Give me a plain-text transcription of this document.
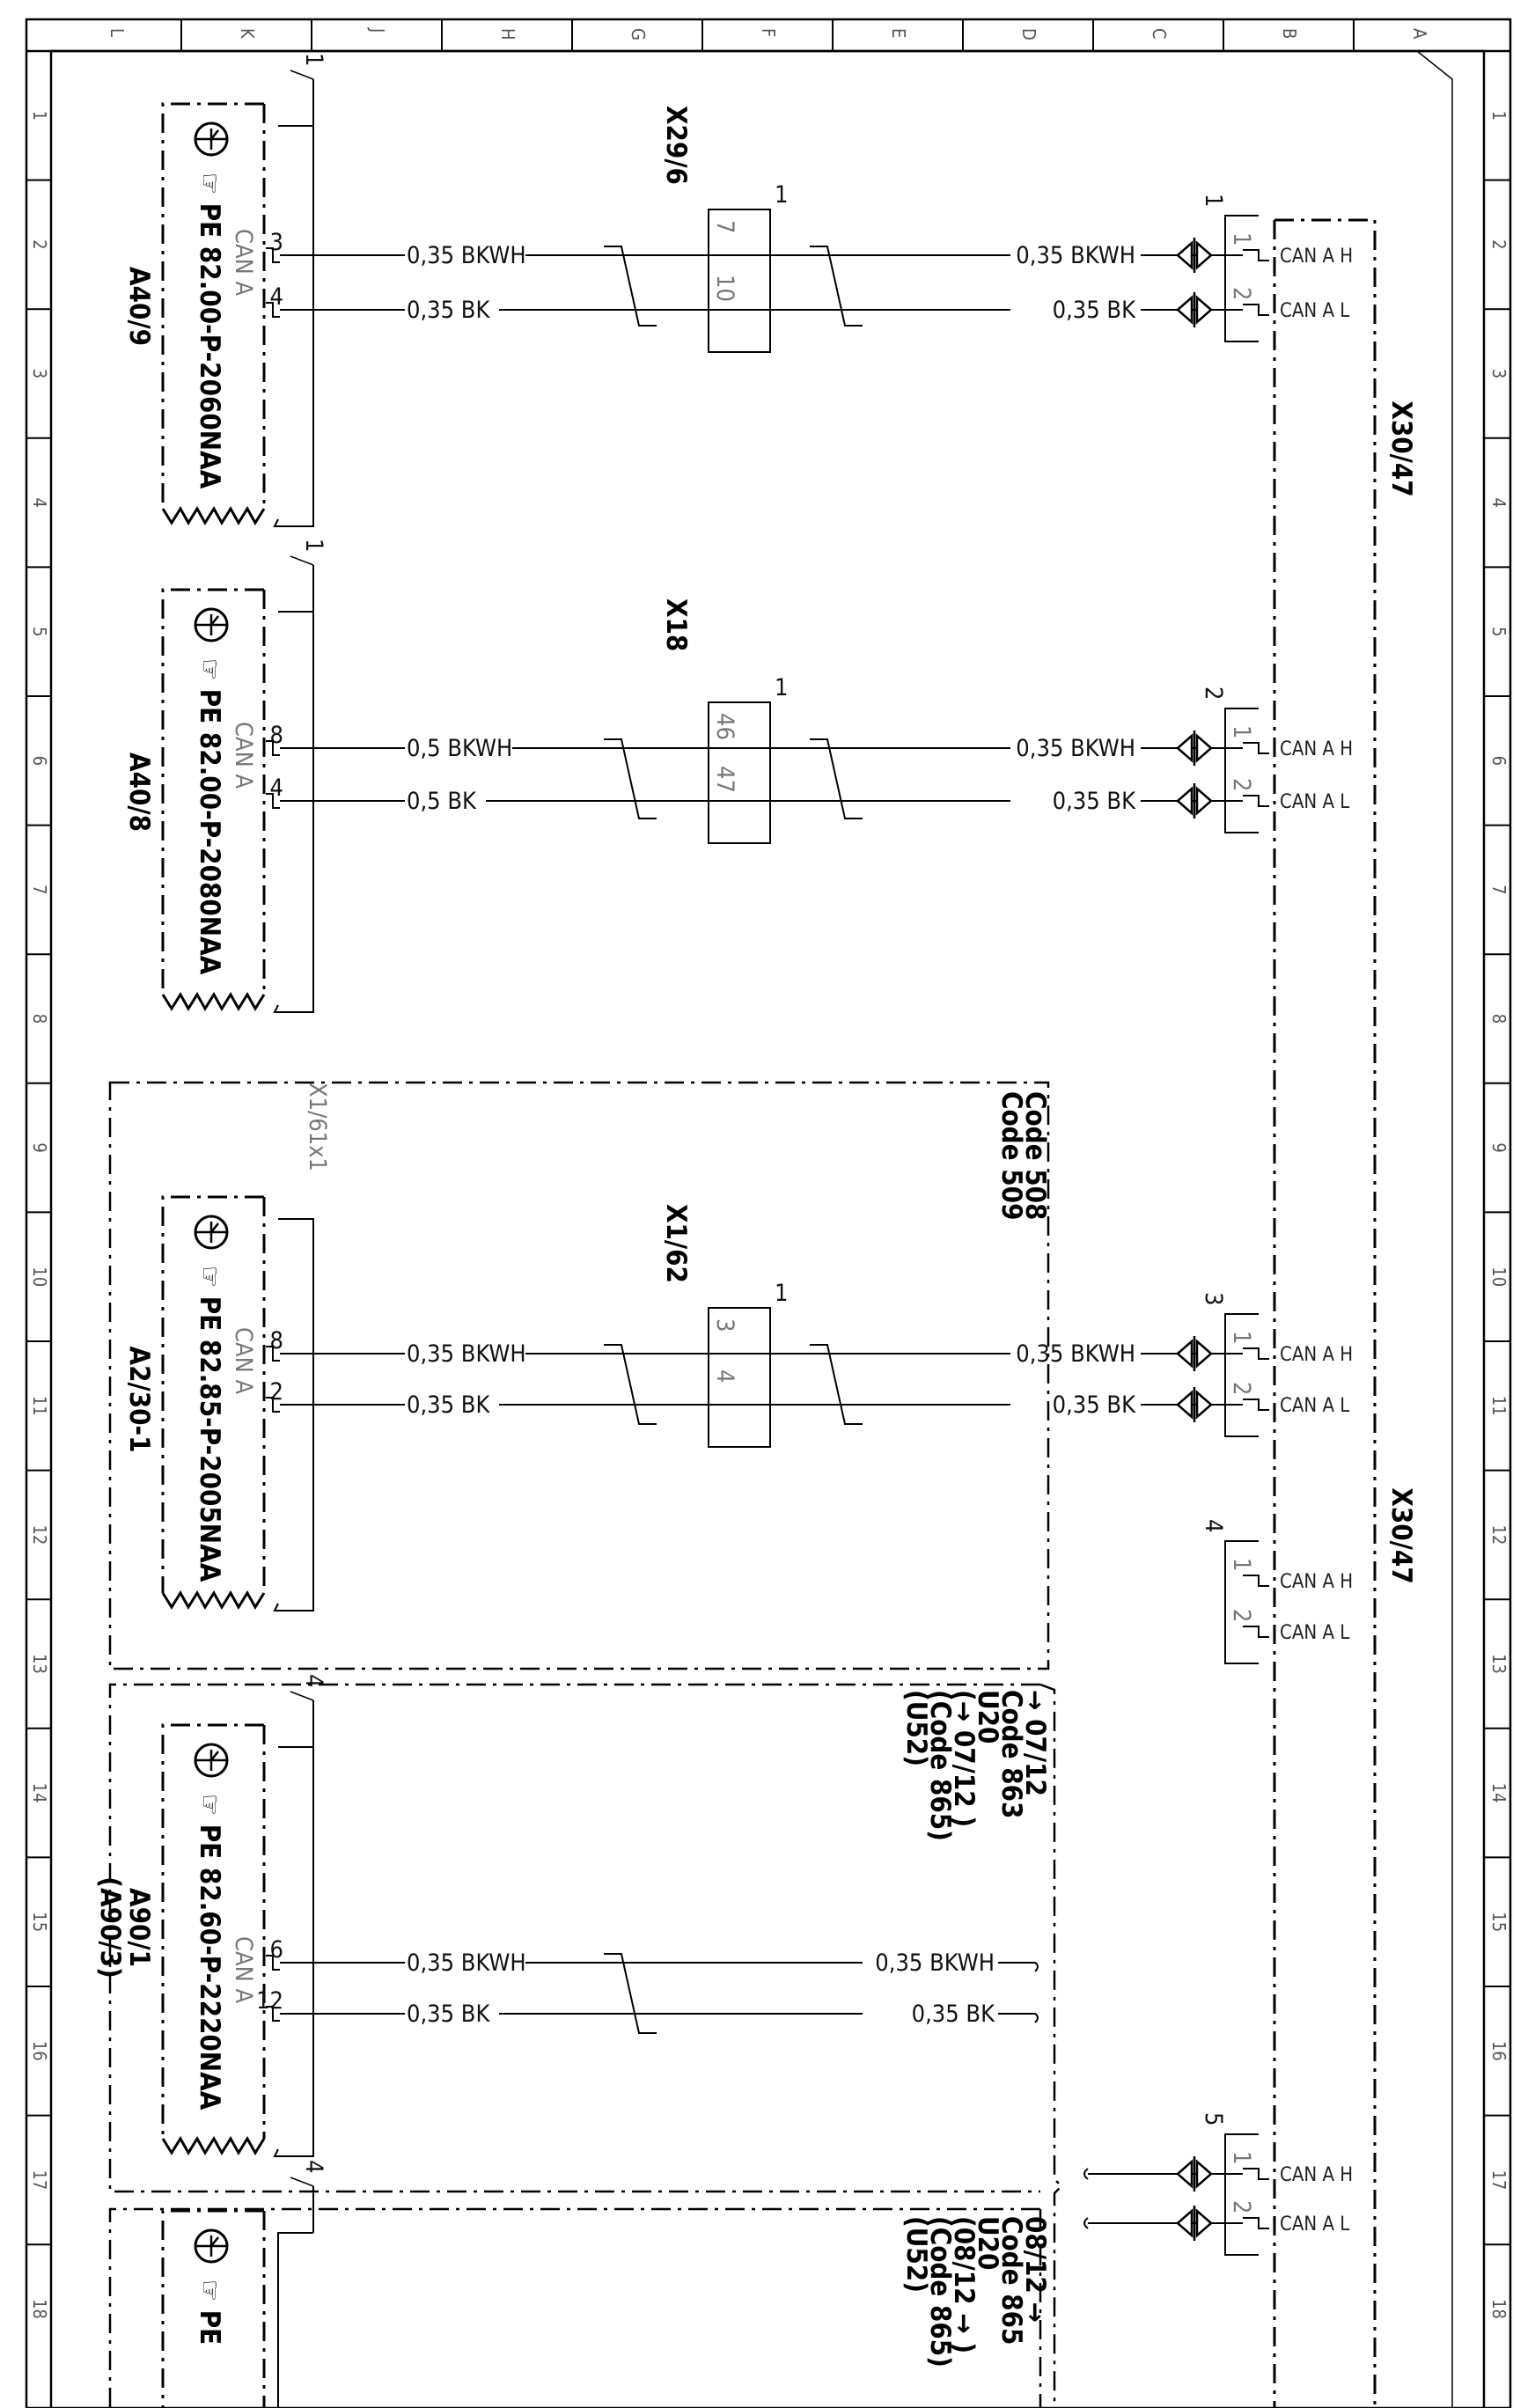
L	K	J	H	G	F	E	D	C	B	A
1	1
2	2
3	3
4	4
5	5
6	6
7	7
8	8
9	9
10	10
11	11
12	12
13	13
14	14
15	15
16	16
17	17
18	18
X30/47
X30/47
1
☞ PE 82.00-P-2060NAA CAN A
A40/9
3	0,35 BKWH
4	0,35 BK
1
☞ PE 82.00-P-2080NAA CAN A
A40/8
8	0,5 BKWH
4	0,5 BK
X1/61x1
☞ PE 82.85-P-2005NAA CAN A
A2/30-1
8	0,35 BKWH
2	0,35 BK
4
☞ PE 82.60-P-2220NAA CAN A
A90/1
(A90/3)	6	0,35 BKWH
12	0,35 BK
4
☞ PE
X29/6
1
7
10
X18
1
46
47
X1/62
1
3
4
0,35 BKWH
0,35 BK
0,35 BKWH
0,35 BK
0,35 BKWH
0,35 BK
0,35 BKWH
0,35 BK
1
1
CAN A H
2
CAN A L
2
1
CAN A H
2
CAN A L
3
1
CAN A H
2
CAN A L
5
1
CAN A H
2
CAN A L
4
1
CAN A H
2
CAN A L
Code 508
Code 509
→ 07/12
Code 863
U20
(→ 07/12 )
(Code 865)
(U52)
08/12 →
Code 865
U20
(08/12 → )
(Code 865)
(U52)
